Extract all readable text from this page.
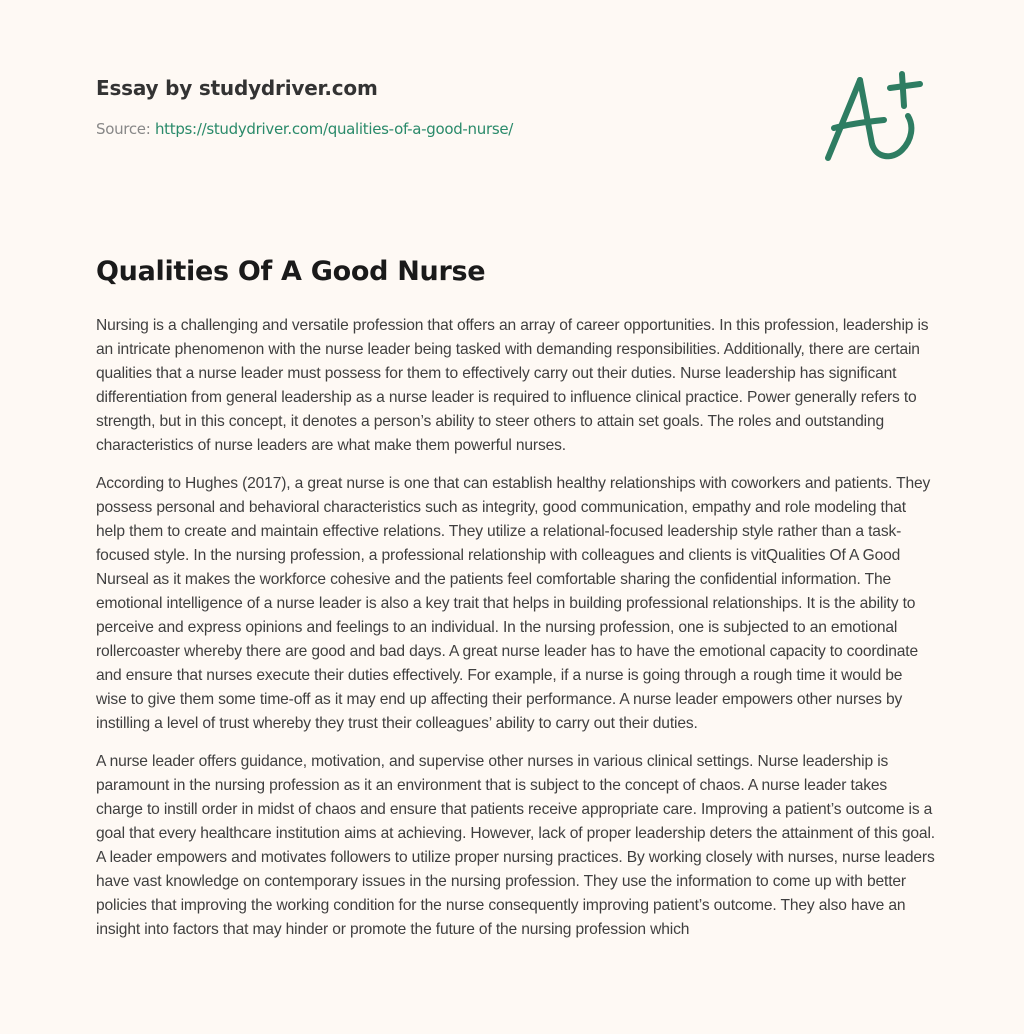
Essay by studydriver.com
Source: https://studydriver.com/qualities-of-a-good-nurse/
Qualities Of A Good Nurse

Nursing is a challenging and versatile profession that offers an array of career opportunities. In this profession, leadership is an intricate phenomenon with the nurse leader being tasked with demanding responsibilities. Additionally, there are certain qualities that a nurse leader must possess for them to effectively carry out their duties. Nurse leadership has significant differentiation from general leadership as a nurse leader is required to influence clinical practice. Power generally refers to strength, but in this concept, it denotes a person’s ability to steer others to attain set goals. The roles and outstanding characteristics of nurse leaders are what make them powerful nurses.

According to Hughes (2017), a great nurse is one that can establish healthy relationships with coworkers and patients. They possess personal and behavioral characteristics such as integrity, good communication, empathy and role modeling that help them to create and maintain effective relations. They utilize a relational-focused leadership style rather than a task-focused style. In the nursing profession, a professional relationship with colleagues and clients is vitQualities Of A Good Nurseal as it makes the workforce cohesive and the patients feel comfortable sharing the confidential information. The emotional intelligence of a nurse leader is also a key trait that helps in building professional relationships. It is the ability to perceive and express opinions and feelings to an individual. In the nursing profession, one is subjected to an emotional rollercoaster whereby there are good and bad days. A great nurse leader has to have the emotional capacity to coordinate and ensure that nurses execute their duties effectively. For example, if a nurse is going through a rough time it would be wise to give them some time-off as it may end up affecting their performance. A nurse leader empowers other nurses by instilling a level of trust whereby they trust their colleagues’ ability to carry out their duties.

A nurse leader offers guidance, motivation, and supervise other nurses in various clinical settings. Nurse leadership is paramount in the nursing profession as it an environment that is subject to the concept of chaos. A nurse leader takes charge to instill order in midst of chaos and ensure that patients receive appropriate care. Improving a patient’s outcome is a goal that every healthcare institution aims at achieving. However, lack of proper leadership deters the attainment of this goal. A leader empowers and motivates followers to utilize proper nursing practices. By working closely with nurses, nurse leaders have vast knowledge on contemporary issues in the nursing profession. They use the information to come up with better policies that improving the working condition for the nurse consequently improving patient’s outcome. They also have an insight into factors that may hinder or promote the future of the nursing profession which
